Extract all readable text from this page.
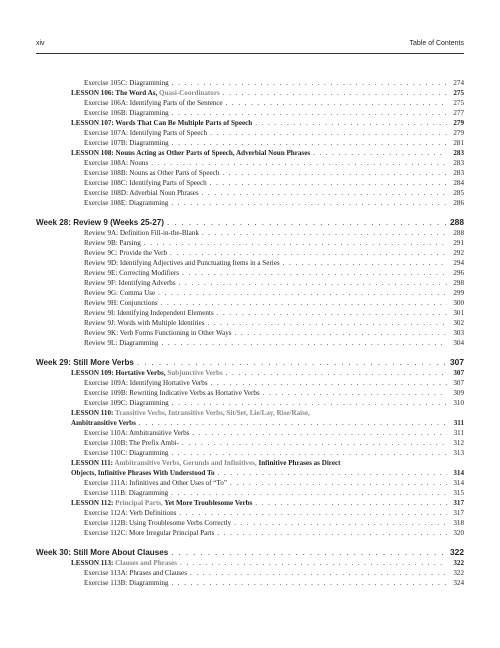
xiv	Table of Contents
Exercise 105C: Diagramming . . .	274
LESSON 106: The Word As, Quasi-Coordinators . . .	275
Exercise 106A: Identifying Parts of the Sentence . . .	275
Exercise 106B: Diagramming . . .	277
LESSON 107: Words That Can Be Multiple Parts of Speech . . .	279
Exercise 107A: Identifying Parts of Speech . . .	279
Exercise 107B: Diagramming . . .	281
LESSON 108: Nouns Acting as Other Parts of Speech, Adverbial Noun Phrases . . .	283
Exercise 108A: Nouns . . .	283
Exercise 108B: Nouns as Other Parts of Speech . . .	283
Exercise 108C: Identifying Parts of Speech . . .	284
Exercise 108D: Adverbial Noun Phrases . . .	285
Exercise 108E: Diagramming . . .	286
Week 28: Review 9 (Weeks 25-27) . . .	288
Review 9A: Definition Fill-in-the-Blank . . .	288
Review 9B: Parsing . . .	291
Review 9C: Provide the Verb . . .	292
Review 9D: Identifying Adjectives and Punctuating Items in a Series . . .	294
Review 9E: Correcting Modifiers . . .	296
Review 9F: Identifying Adverbs . . .	298
Review 9G: Comma Use . . .	299
Review 9H: Conjunctions . . .	300
Review 9I: Identifying Independent Elements . . .	301
Review 9J: Words with Multiple Identities . . .	302
Review 9K: Verb Forms Functioning in Other Ways . . .	303
Review 9L: Diagramming . . .	304
Week 29: Still More Verbs . . .	307
LESSON 109: Hortative Verbs, Subjunctive Verbs . . .	307
Exercise 109A: Identifying Hortative Verbs . . .	307
Exercise 109B: Rewriting Indicative Verbs as Hortative Verbs . . .	309
Exercise 109C: Diagramming . . .	310
LESSON 110: Transitive Verbs, Intransitive Verbs, Sit/Set, Lie/Lay, Rise/Raise,
Ambitransitive Verbs . . .	311
Exercise 110A: Ambitransitive Verbs . . .	311
Exercise 110B: The Prefix Ambi- . . .	312
Exercise 110C: Diagramming . . .	313
LESSON 111: Ambitransitive Verbs, Gerunds and Infinitives, Infinitive Phrases as Direct
Objects, Infinitive Phrases With Understood To . . .	314
Exercise 111A: Infinitives and Other Uses of “To” . . .	314
Exercise 111B: Diagramming . . .	315
LESSON 112: Principal Parts, Yet More Troublesome Verbs . . .	317
Exercise 112A: Verb Definitions . . .	317
Exercise 112B: Using Troublesome Verbs Correctly . . .	318
Exercise 112C: More Irregular Principal Parts . . .	320
Week 30: Still More About Clauses . . .	322
LESSON 113: Clauses and Phrases . . .	322
Exercise 113A: Phrases and Clauses . . .	322
Exercise 113B: Diagramming . . .	324
